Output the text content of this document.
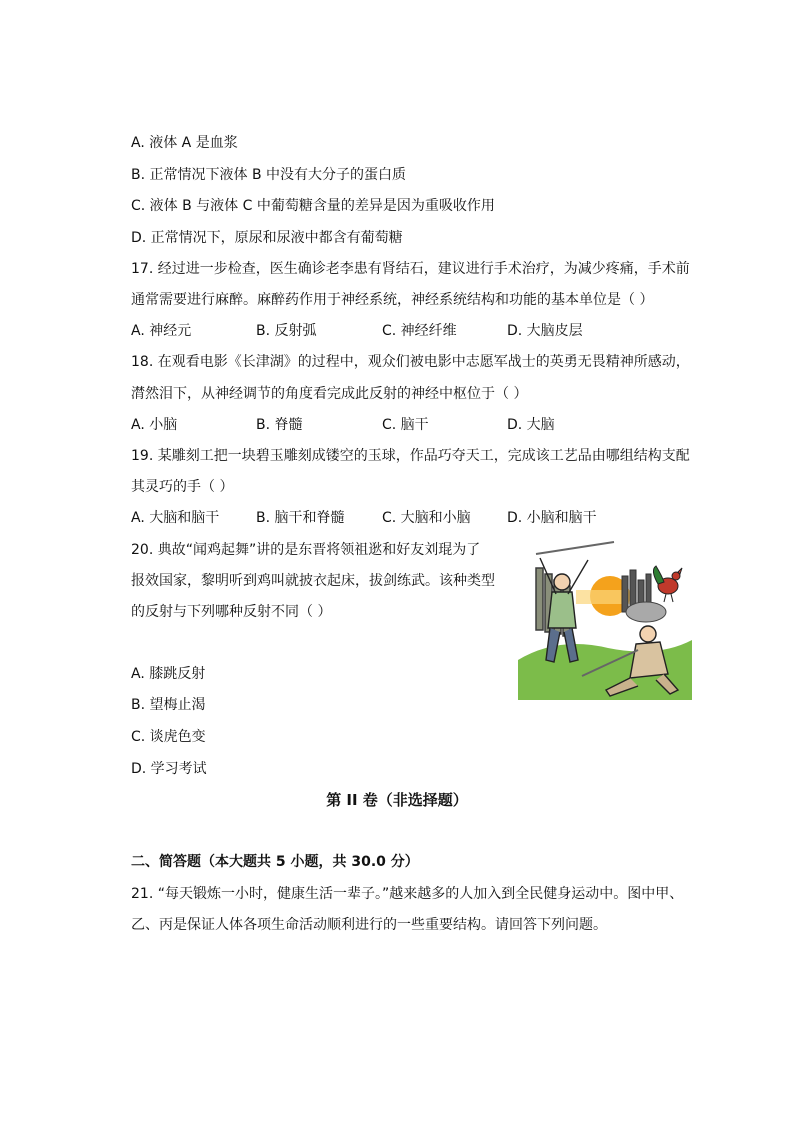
A. 液体 A 是血浆
B. 正常情况下液体 B 中没有大分子的蛋白质
C. 液体 B 与液体 C 中葡萄糖含量的差异是因为重吸收作用
D. 正常情况下，原尿和尿液中都含有葡萄糖
17. 经过进一步检查，医生确诊老李患有肾结石，建议进行手术治疗，为减少疼痛，手术前
通常需要进行麻醉。麻醉药作用于神经系统，神经系统结构和功能的基本单位是（ ）
A. 神经元	B. 反射弧	C. 神经纤维	D. 大脑皮层
18. 在观看电影《长津湖》的过程中，观众们被电影中志愿军战士的英勇无畏精神所感动，
潸然泪下，从神经调节的角度看完成此反射的神经中枢位于（ ）
A. 小脑	B. 脊髓	C. 脑干	D. 大脑
19. 某雕刻工把一块碧玉雕刻成镂空的玉球，作品巧夺天工，完成该工艺品由哪组结构支配
其灵巧的手（ ）
A. 大脑和脑干	B. 脑干和脊髓	C. 大脑和小脑	D. 小脑和脑干
20. 典故“闻鸡起舞”讲的是东晋将领祖逖和好友刘琨为了
报效国家，黎明听到鸡叫就披衣起床，拔剑练武。该种类型
的反射与下列哪种反射不同（ ）
A. 膝跳反射
B. 望梅止渴
C. 谈虎色变
D. 学习考试
第 II 卷（非选择题）
二、简答题（本大题共 5 小题，共 30.0 分）
21. “每天锻炼一小时，健康生活一辈子。”越来越多的人加入到全民健身运动中。图中甲、
乙、丙是保证人体各项生命活动顺利进行的一些重要结构。请回答下列问题。
